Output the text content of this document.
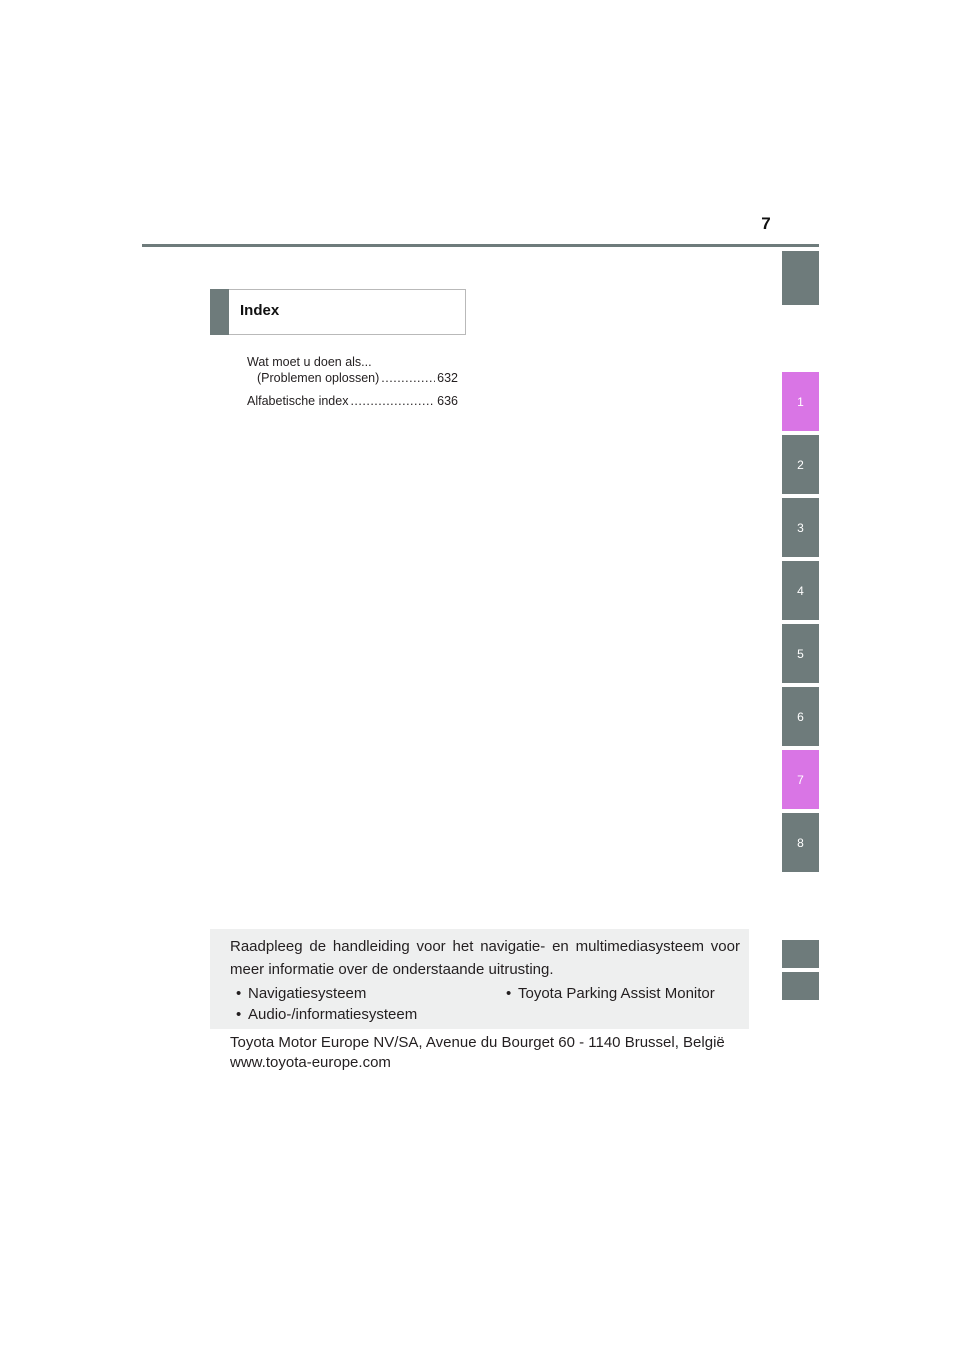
7
1
2
3
4
5
6
7
8
Index
Wat moet u doen als...
(Problemen oplossen) .....	632
Alfabetische index .....	636
Raadpleeg de handleiding voor het navigatie- en multimediasysteem voor meer informatie over de onderstaande uitrusting.
• Navigatiesysteem
• Audio-/informatiesysteem
• Toyota Parking Assist Monitor
Toyota Motor Europe NV/SA, Avenue du Bourget 60 - 1140 Brussel, België
www.toyota-europe.com
